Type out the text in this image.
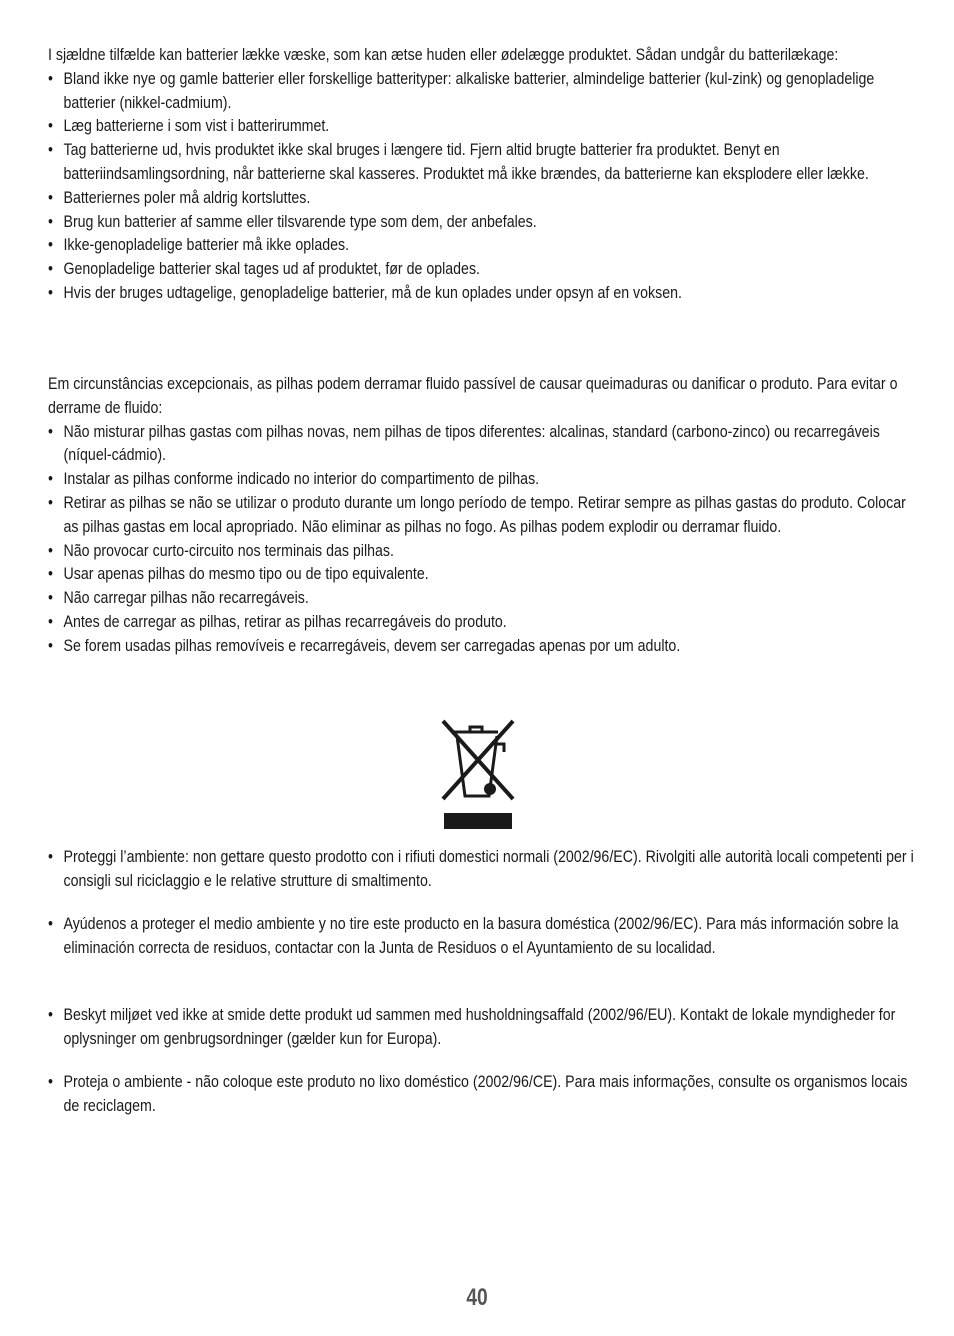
I sjældne tilfælde kan batterier lække væske, som kan ætse huden eller ødelægge produktet. Sådan undgår du batterilækage:

• Bland ikke nye og gamle batterier eller forskellige batterityper: alkaliske batterier, almindelige batterier (kul-zink) og genopladelige batterier (nikkel-cadmium).
• Læg batterierne i som vist i batterirummet.
• Tag batterierne ud, hvis produktet ikke skal bruges i længere tid. Fjern altid brugte batterier fra produktet. Benyt en batteriindsamlingsordning, når batterierne skal kasseres. Produktet må ikke brændes, da batterierne kan eksplodere eller lække.
• Batteriernes poler må aldrig kortsluttes.
• Brug kun batterier af samme eller tilsvarende type som dem, der anbefales.
• Ikke-genopladelige batterier må ikke oplades.
• Genopladelige batterier skal tages ud af produktet, før de oplades.
• Hvis der bruges udtagelige, genopladelige batterier, må de kun oplades under opsyn af en voksen.

Em circunstâncias excepcionais, as pilhas podem derramar fluido passível de causar queimaduras ou danificar o produto. Para evitar o derrame de fluido:

• Não misturar pilhas gastas com pilhas novas, nem pilhas de tipos diferentes: alcalinas, standard (carbono-zinco) ou recarregáveis (níquel-cádmio).
• Instalar as pilhas conforme indicado no interior do compartimento de pilhas.
• Retirar as pilhas se não se utilizar o produto durante um longo período de tempo. Retirar sempre as pilhas gastas do produto. Colocar as pilhas gastas em local apropriado. Não eliminar as pilhas no fogo. As pilhas podem explodir ou derramar fluido.
• Não provocar curto-circuito nos terminais das pilhas.
• Usar apenas pilhas do mesmo tipo ou de tipo equivalente.
• Não carregar pilhas não recarregáveis.
• Antes de carregar as pilhas, retirar as pilhas recarregáveis do produto.
• Se forem usadas pilhas removíveis e recarregáveis, devem ser carregadas apenas por um adulto.
• Proteggi l’ambiente: non gettare questo prodotto con i rifiuti domestici normali (2002/96/EC). Rivolgiti alle autorità locali competenti per i consigli sul riciclaggio e le relative strutture di smaltimento.
• Ayúdenos a proteger el medio ambiente y no tire este producto en la basura doméstica (2002/96/EC). Para más información sobre la eliminación correcta de residuos, contactar con la Junta de Residuos o el Ayuntamiento de su localidad.
• Beskyt miljøet ved ikke at smide dette produkt ud sammen med husholdningsaffald (2002/96/EU). Kontakt de lokale myndigheder for oplysninger om genbrugsordninger (gælder kun for Europa).
• Proteja o ambiente - não coloque este produto no lixo doméstico (2002/96/CE). Para mais informações, consulte os organismos locais de reciclagem.
40
